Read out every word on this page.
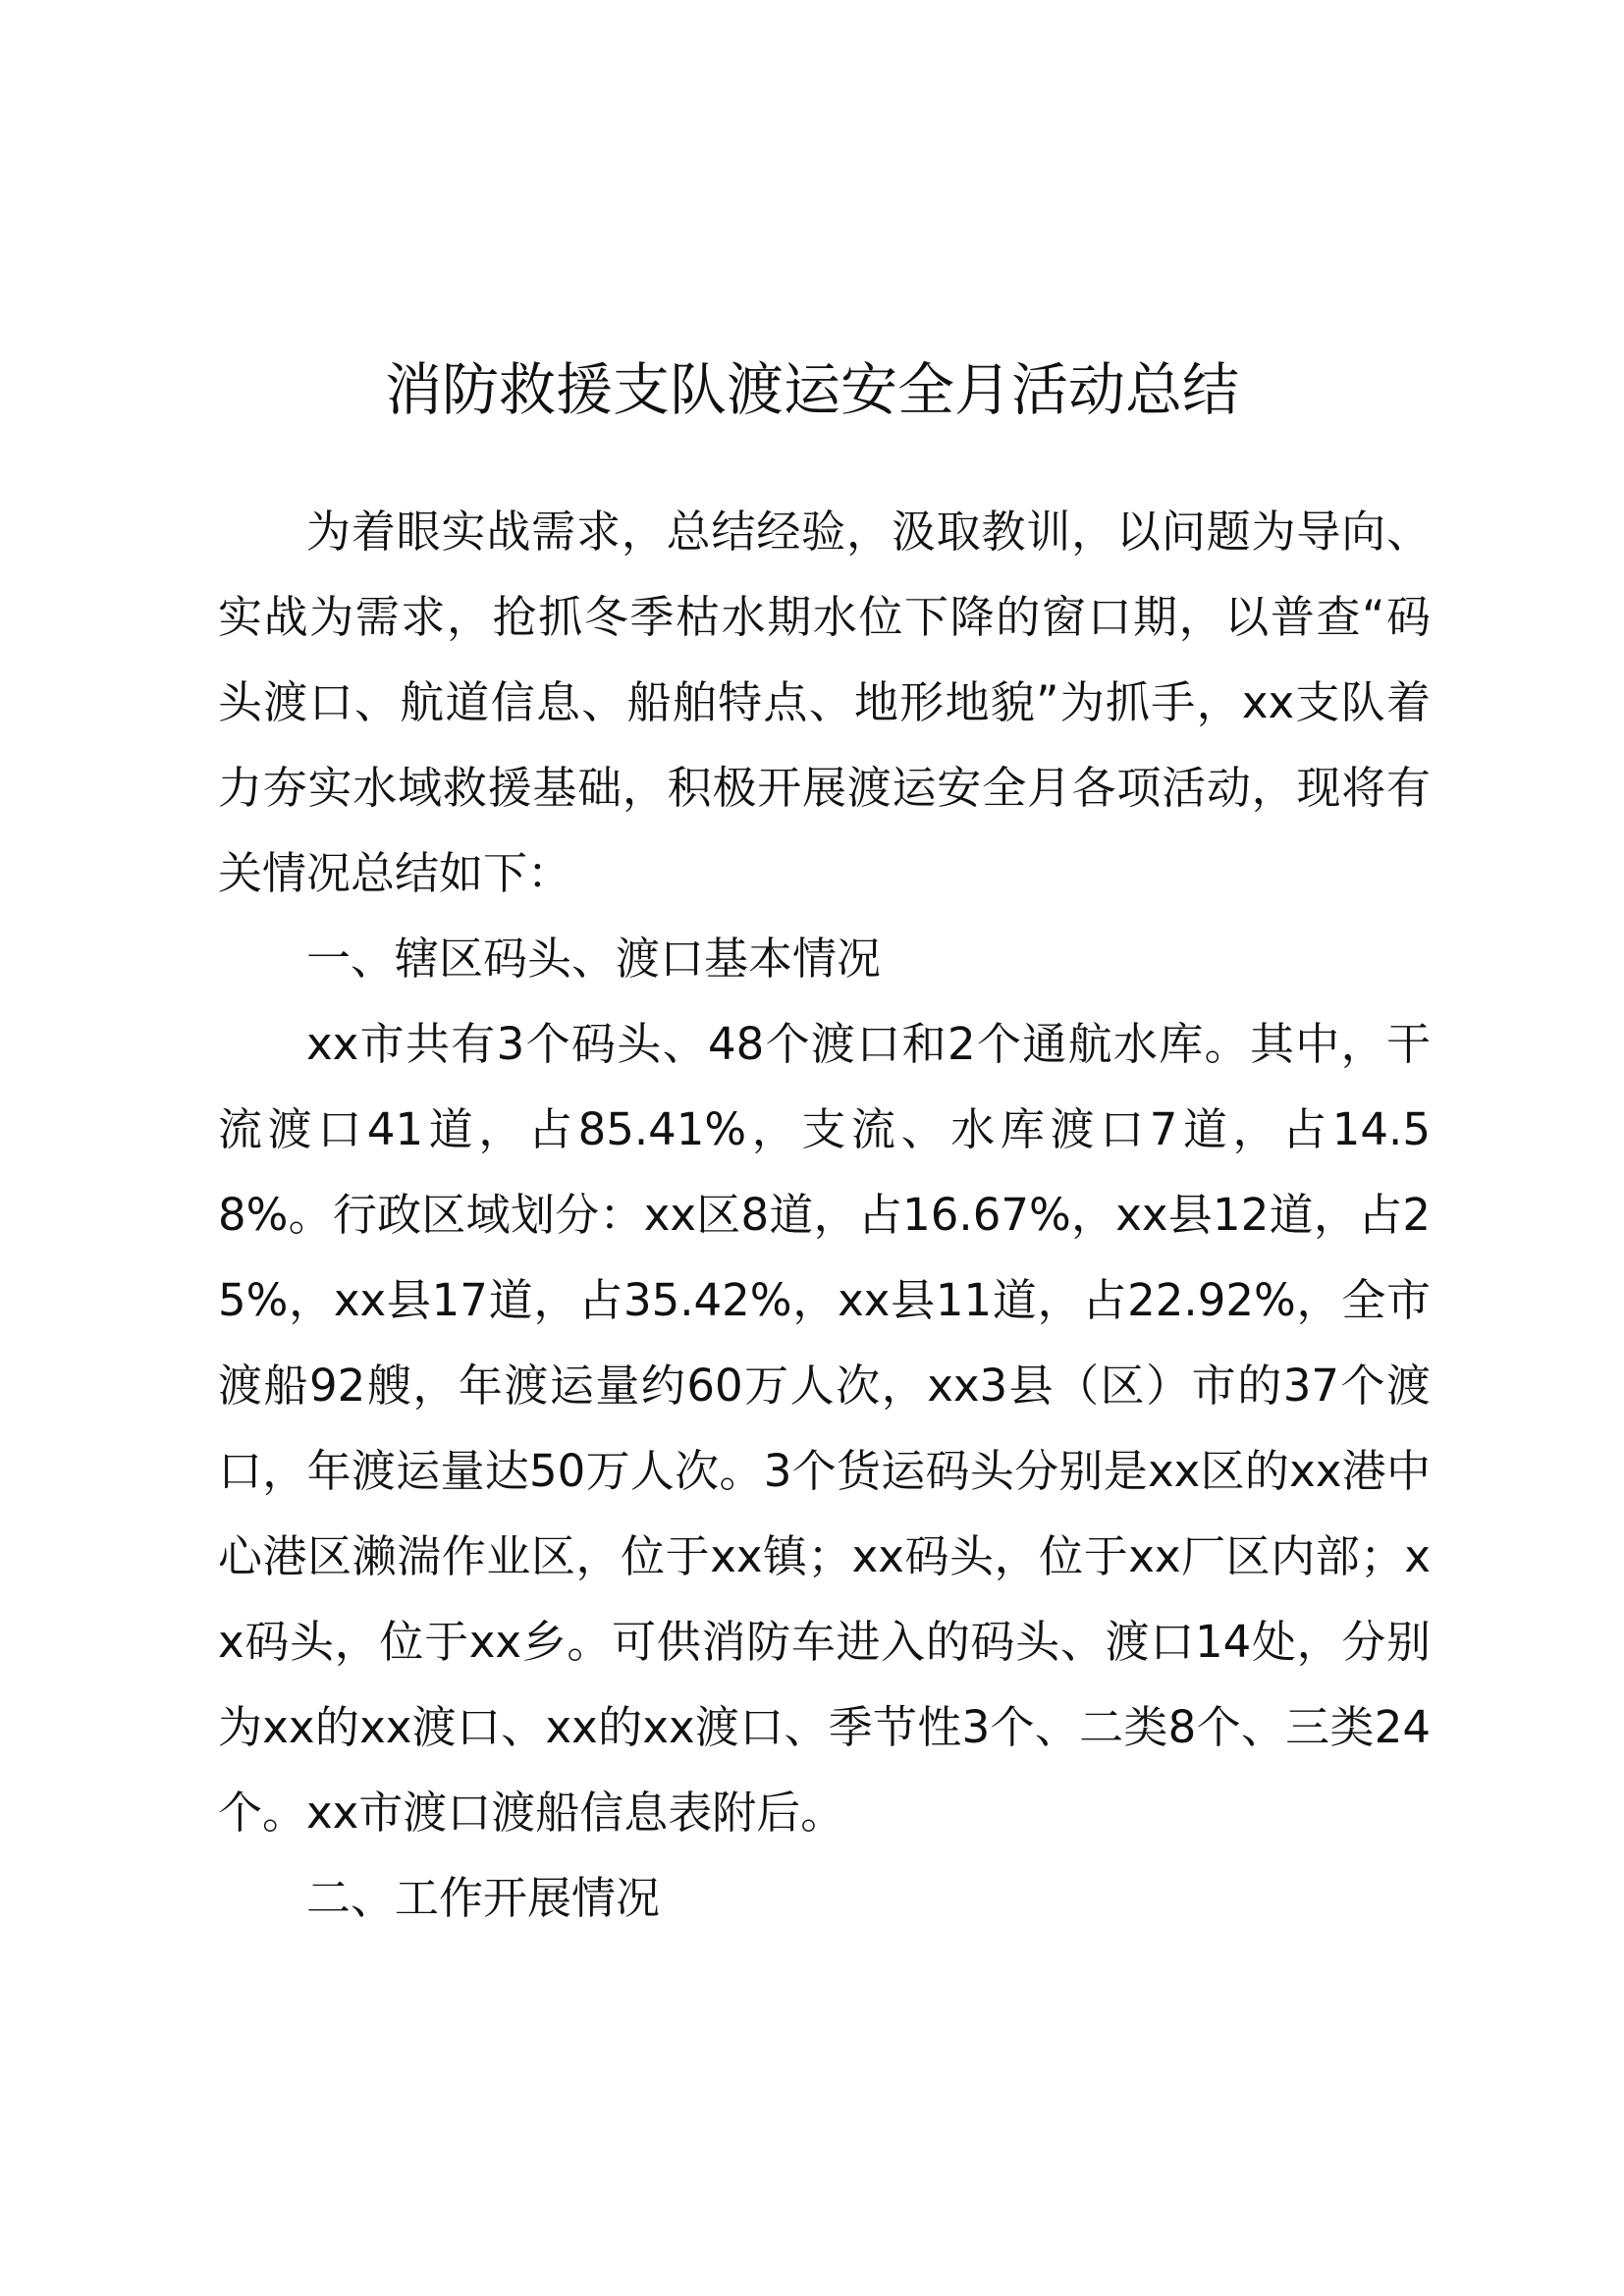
消防救援支队渡运安全月活动总结

为着眼实战需求，总结经验，汲取教训，以问题为导向、实战为需求，抢抓冬季枯水期水位下降的窗口期，以普查“码头渡口、航道信息、船舶特点、地形地貌”为抓手，xx支队着力夯实水域救援基础，积极开展渡运安全月各项活动，现将有关情况总结如下：

一、辖区码头、渡口基本情况

xx市共有3个码头、48个渡口和2个通航水库。其中，干流渡口41道，占85.41%，支流、水库渡口7道，占14.58%。行政区域划分：xx区8道，占16.67%，xx县12道，占25%，xx县17道，占35.42%，xx县11道，占22.92%，全市渡船92艘，年渡运量约60万人次，xx3县（区）市的37个渡口，年渡运量达50万人次。3个货运码头分别是xx区的xx港中心港区濑湍作业区，位于xx镇；xx码头，位于xx厂区内部；xx码头，位于xx乡。可供消防车进入的码头、渡口14处，分别为xx的xx渡口、xx的xx渡口、季节性3个、二类8个、三类24个。xx市渡口渡船信息表附后。

二、工作开展情况
